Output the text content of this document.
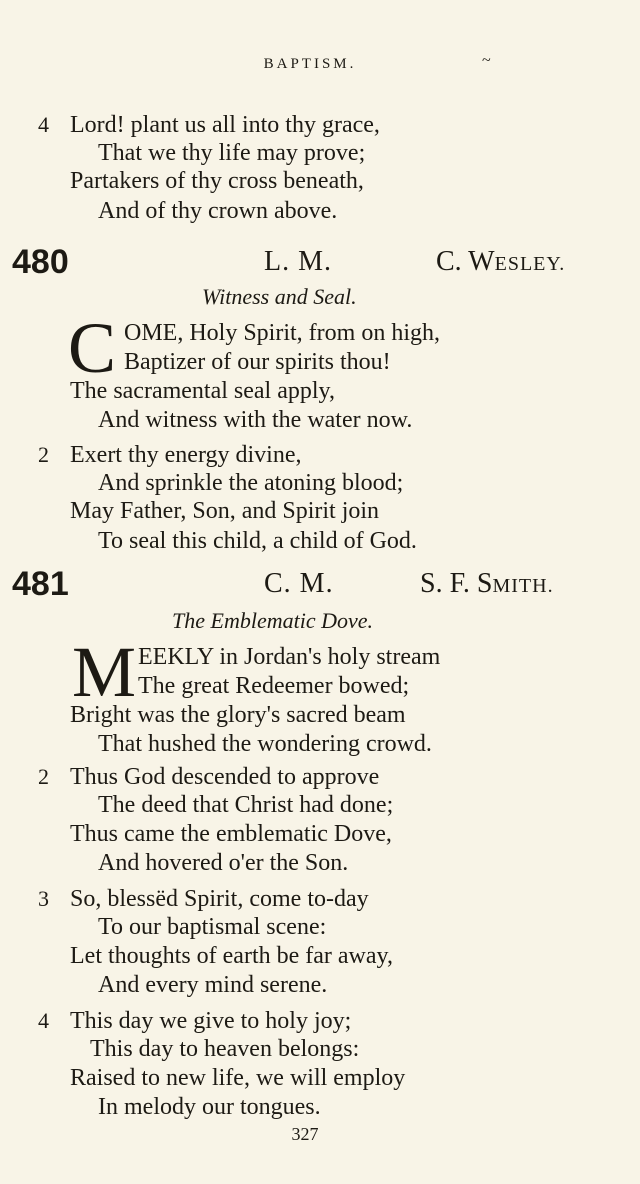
BAPTISM.	~
4 Lord! plant us all into thy grace,
That we thy life may prove;
Partakers of thy cross beneath,
And of thy crown above.
480	L. M.	C. WESLEY.
Witness and Seal.
C OME, Holy Spirit, from on high,
Baptizer of our spirits thou!
The sacramental seal apply,
And witness with the water now.
2 Exert thy energy divine,
And sprinkle the atoning blood;
May Father, Son, and Spirit join
To seal this child, a child of God.
481	C. M.	S. F. SMITH.
The Emblematic Dove.
M EEKLY in Jordan's holy stream
The great Redeemer bowed;
Bright was the glory's sacred beam
That hushed the wondering crowd.
2 Thus God descended to approve
The deed that Christ had done;
Thus came the emblematic Dove,
And hovered o'er the Son.
3 So, blessëd Spirit, come to-day
To our baptismal scene:
Let thoughts of earth be far away,
And every mind serene.
4 This day we give to holy joy;
This day to heaven belongs:
Raised to new life, we will employ
In melody our tongues.
327
